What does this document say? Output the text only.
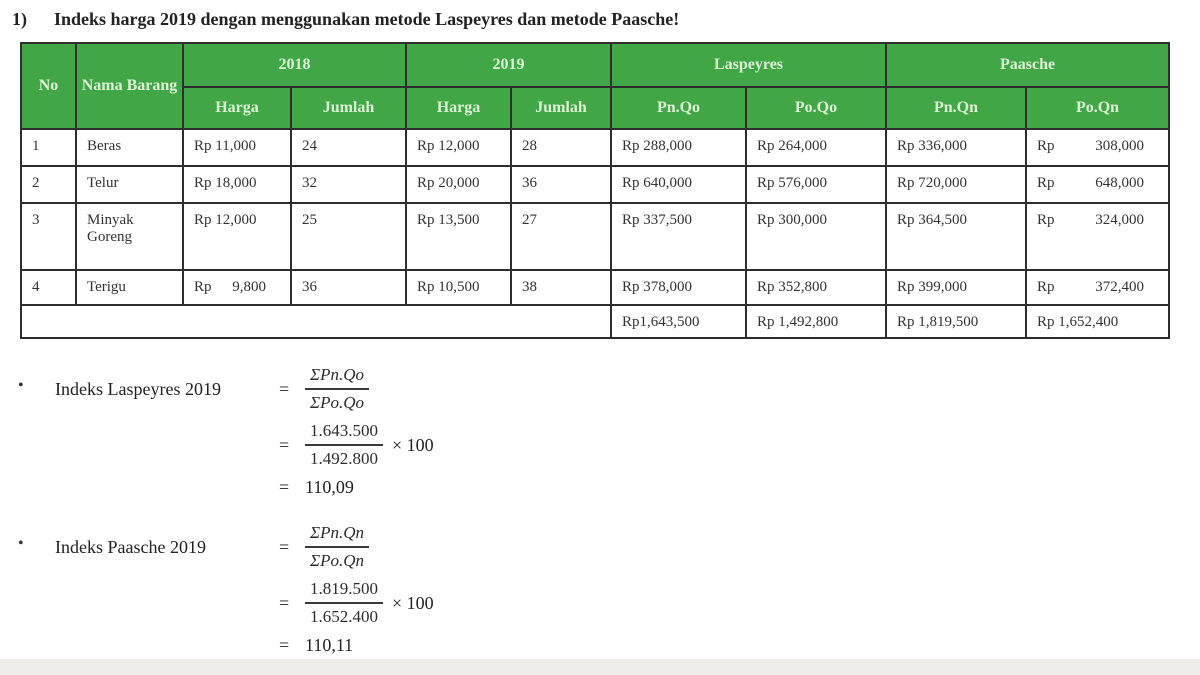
1)	Indeks harga 2019 dengan menggunakan metode Laspeyres dan metode Paasche!
No	Nama Barang	2018		2019		Laspeyres		Paasche	
		Harga	Jumlah	Harga	Jumlah	Pn.Qo	Po.Qo	Pn.Qn	Po.Qn
1	Beras	Rp 11,000	24	Rp 12,000	28	Rp 288,000	Rp 264,000	Rp 336,000	Rp 308,000

2	Telur	Rp 18,000	32	Rp 20,000	36	Rp 640,000	Rp 576,000	Rp 720,000	Rp 648,000

3	Minyak Goreng	Rp 12,000	25	Rp 13,500	27	Rp 337,500	Rp 300,000	Rp 364,500	Rp 324,000

4	Terigu	Rp 9,800	36	Rp 10,500	38	Rp 378,000	Rp 352,800	Rp 399,000	Rp 372,400

						Rp1,643,500	Rp 1,492,800	Rp 1,819,500	Rp 1,652,400
•	Indeks Laspeyres 2019	= $\frac{\text{ΣPn.Qo}}{\text{ΣPo.Qo}}$
= $\frac{1.643.500}{1.492.800} \times 100$
= 110,09
•	Indeks Paasche 2019	= $\frac{\text{ΣPn.Qn}}{\text{ΣPo.Qn}}$
= $\frac{1.819.500}{1.652.400} \times 100$
= 110,11
